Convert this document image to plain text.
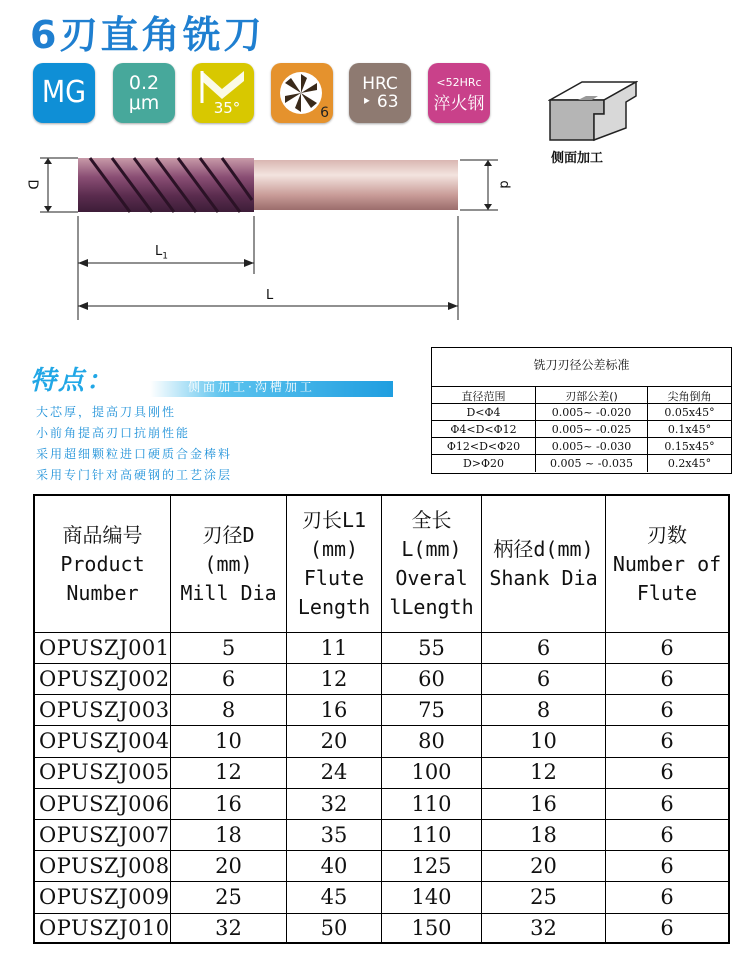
6刃直角铣刀
MG 0.2
μm	35°	6
HRC
‣ 63
<52HRc
淬火钢
侧面加工
D	d
$L_1$
L
特点：	侧面加工·沟槽加工
大芯厚，提高刀具刚性
小前角提高刃口抗崩性能
采用超细颗粒进口硬质合金棒料
采用专门针对高硬钢的工艺涂层
铣刀刃径公差标准
直径范围	刃部公差()	尖角倒角
D<Φ4	0.005~ -0.020	0.05x45°
Φ4<D<Φ12	0.005~ -0.025	0.1x45°
Φ12<D<Φ20	0.005~ -0.030	0.15x45°
D>Φ20	0.005 ~ -0.035	0.2x45°
商品编号
Product
Number
刃径D
(mm)
Mill Dia
刃长L1
(mm)
Flute
Length
全长
L(mm)
Overal
lLength
柄径d(mm)
Shank Dia
刃数
Number of
Flute
OPUSZJ001	5	11	55	6	6
OPUSZJ002	6	12	60	6	6
OPUSZJ003	8	16	75	8	6
OPUSZJ004	10	20	80	10	6
OPUSZJ005	12	24	100	12	6
OPUSZJ006	16	32	110	16	6
OPUSZJ007	18	35	110	18	6
OPUSZJ008	20	40	125	20	6
OPUSZJ009	25	45	140	25	6
OPUSZJ010	32	50	150	32	6
